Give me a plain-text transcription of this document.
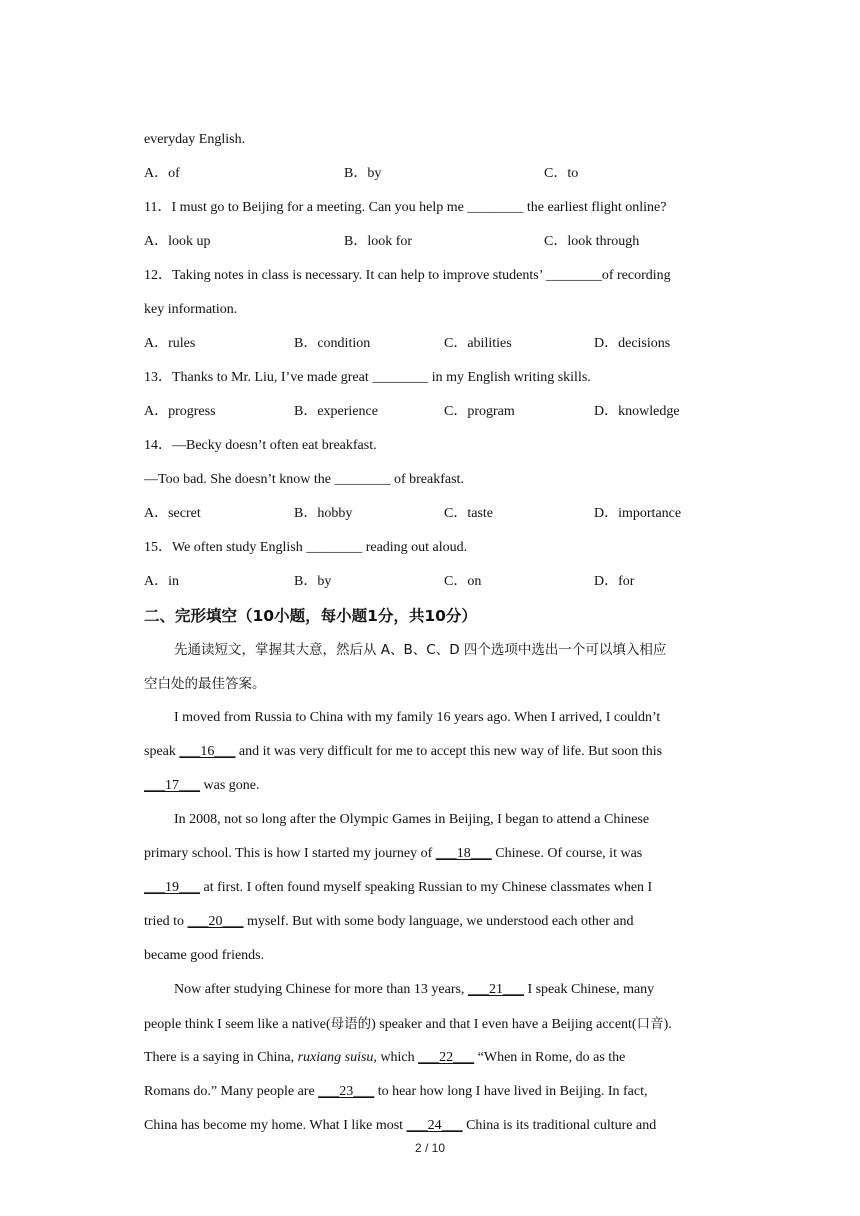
everyday English.
A．of	B．by	C．to
11．I must go to Beijing for a meeting. Can you help me ________ the earliest flight online?
A．look up	B．look for	C．look through
12．Taking notes in class is necessary. It can help to improve students’ ________of recording
key information.
A．rules	B．condition	C．abilities	D．decisions
13．Thanks to Mr. Liu, I’ve made great ________ in my English writing skills.
A．progress	B．experience	C．program	D．knowledge
14．—Becky doesn’t often eat breakfast.
—Too bad. She doesn’t know the ________ of breakfast.
A．secret	B．hobby	C．taste	D．importance
15．We often study English ________ reading out aloud.
A．in	B．by	C．on	D．for
二、完形填空（10小题，每小题1分，共10分）
先通读短文，掌握其大意，然后从 A、B、C、D 四个选项中选出一个可以填入相应
空白处的最佳答案。
I moved from Russia to China with my family 16 years ago. When I arrived, I couldn’t
speak ___16___ and it was very difficult for me to accept this new way of life. But soon this
___17___ was gone.
In 2008, not so long after the Olympic Games in Beijing, I began to attend a Chinese
primary school. This is how I started my journey of ___18___ Chinese. Of course, it was
___19___ at first. I often found myself speaking Russian to my Chinese classmates when I
tried to ___20___ myself. But with some body language, we understood each other and
became good friends.
Now after studying Chinese for more than 13 years, ___21___ I speak Chinese, many
people think I seem like a native(母语的) speaker and that I even have a Beijing accent(口音).
There is a saying in China, ruxiang suisu, which ___22___ “When in Rome, do as the
Romans do.” Many people are ___23___ to hear how long I have lived in Beijing. In fact,
China has become my home. What I like most ___24___ China is its traditional culture and
2 / 10
